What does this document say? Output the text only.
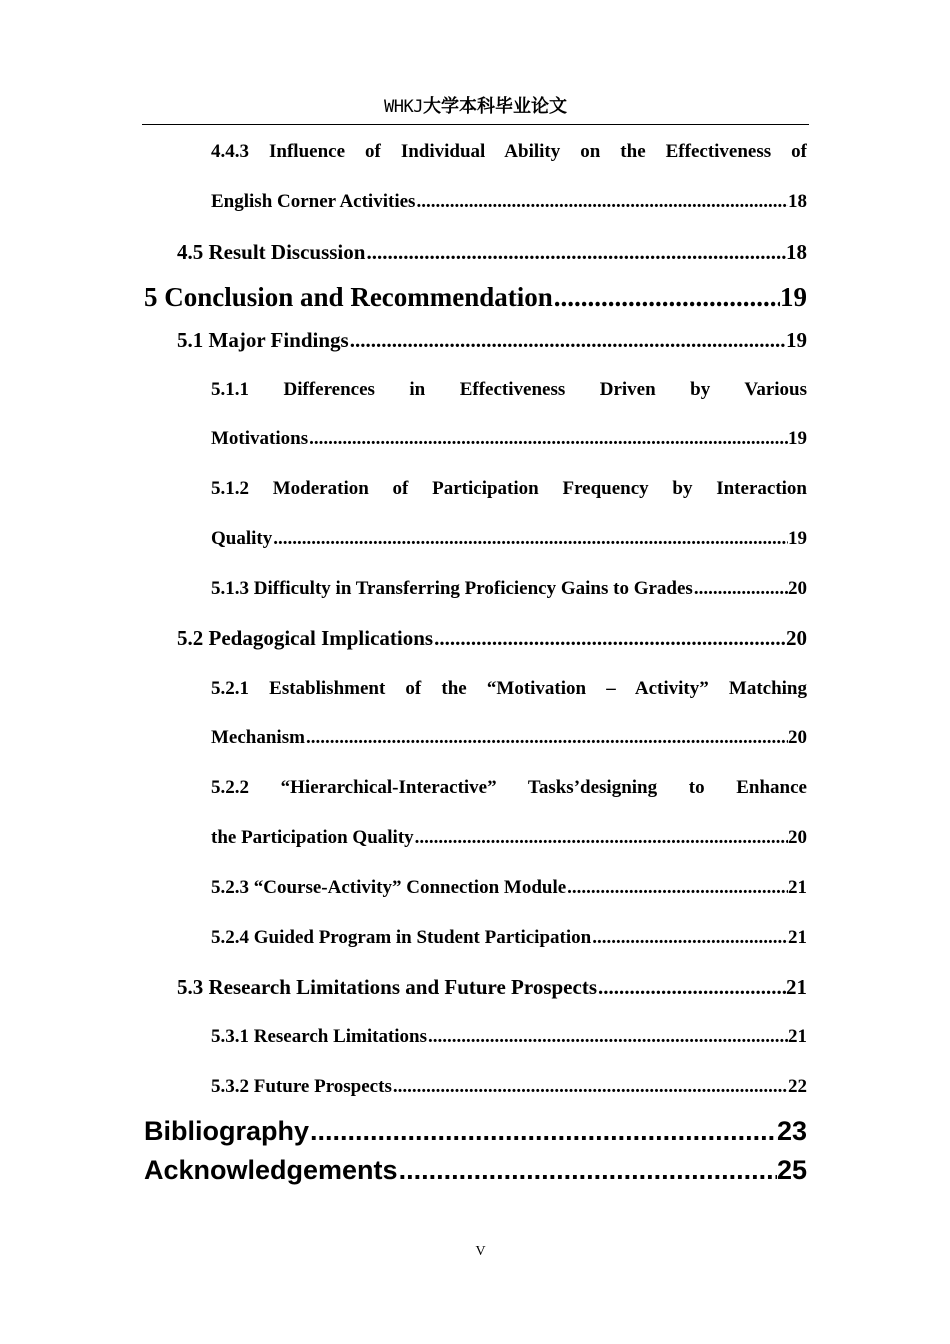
WHKJ大学本科毕业论文
4.4.3 Influence of Individual Ability on the Effectiveness of
English Corner Activities .....	18
4.5 Result Discussion .....	18
5 Conclusion and Recommendation .....	19
5.1 Major Findings .....	19
5.1.1 Differences in Effectiveness Driven by Various
Motivations .....	19
5.1.2 Moderation of Participation Frequency by Interaction
Quality .....	19
5.1.3 Difficulty in Transferring Proficiency Gains to Grades .....	20
5.2 Pedagogical Implications .....	20
5.2.1 Establishment of the “Motivation – Activity” Matching
Mechanism .....	20
5.2.2 “Hierarchical-Interactive” Tasks’designing to Enhance
the Participation Quality .....	20
5.2.3 “Course-Activity” Connection Module .....	21
5.2.4 Guided Program in Student Participation .....	21
5.3 Research Limitations and Future Prospects .....	21
5.3.1 Research Limitations .....	21
5.3.2 Future Prospects .....	22
Bibliography .....	23
Acknowledgements .....	25
V
